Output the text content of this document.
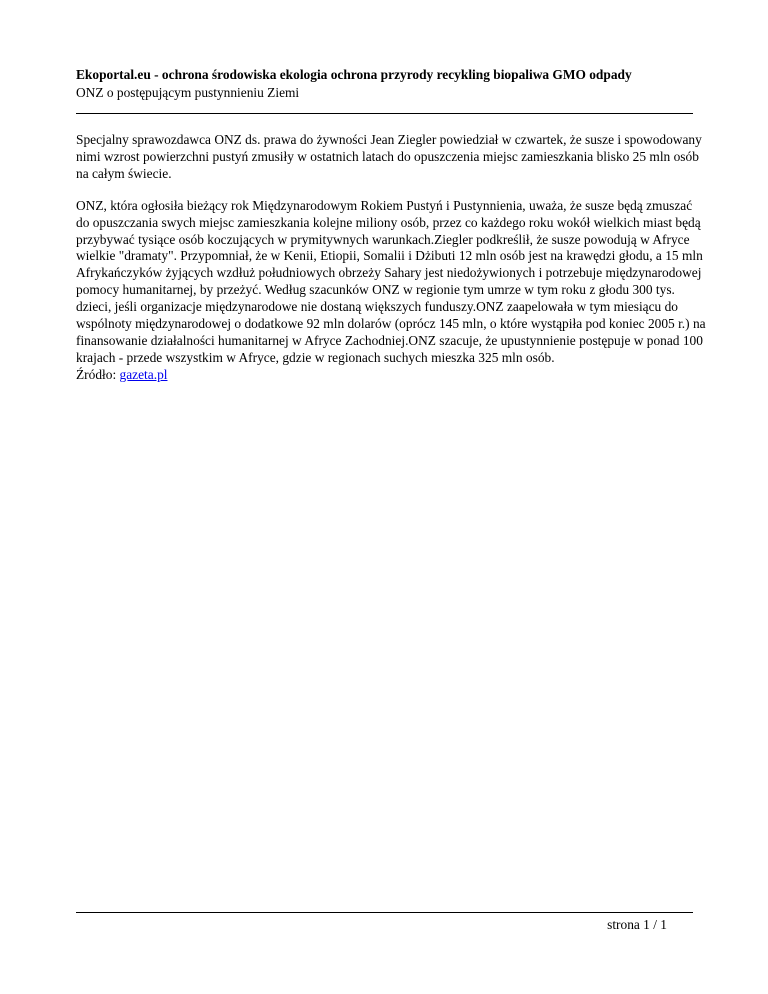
Ekoportal.eu - ochrona środowiska ekologia ochrona przyrody recykling biopaliwa GMO odpady
ONZ o postępującym pustynnieniu Ziemi

Specjalny sprawozdawca ONZ ds. prawa do żywności Jean Ziegler powiedział w czwartek, że susze i spowodowany nimi wzrost powierzchni pustyń zmusiły w ostatnich latach do opuszczenia miejsc zamieszkania blisko 25 mln osób na całym świecie.

ONZ, która ogłosiła bieżący rok Międzynarodowym Rokiem Pustyń i Pustynnienia, uważa, że susze będą zmuszać do opuszczania swych miejsc zamieszkania kolejne miliony osób, przez co każdego roku wokół wielkich miast będą przybywać tysiące osób koczujących w prymitywnych warunkach.Ziegler podkreślił, że susze powodują w Afryce wielkie "dramaty". Przypomniał, że w Kenii, Etiopii, Somalii i Dżibuti 12 mln osób jest na krawędzi głodu, a 15 mln Afrykańczyków żyjących wzdłuż południowych obrzeży Sahary jest niedożywionych i potrzebuje międzynarodowej pomocy humanitarnej, by przeżyć. Według szacunków ONZ w regionie tym umrze w tym roku z głodu 300 tys. dzieci, jeśli organizacje międzynarodowe nie dostaną większych funduszy.ONZ zaapelowała w tym miesiącu do wspólnoty międzynarodowej o dodatkowe 92 mln dolarów (oprócz 145 mln, o które wystąpiła pod koniec 2005 r.) na finansowanie działalności humanitarnej w Afryce Zachodniej.ONZ szacuje, że upustynnienie postępuje w ponad 100 krajach - przede wszystkim w Afryce, gdzie w regionach suchych mieszka 325 mln osób.
Źródło: gazeta.pl

strona 1 / 1
